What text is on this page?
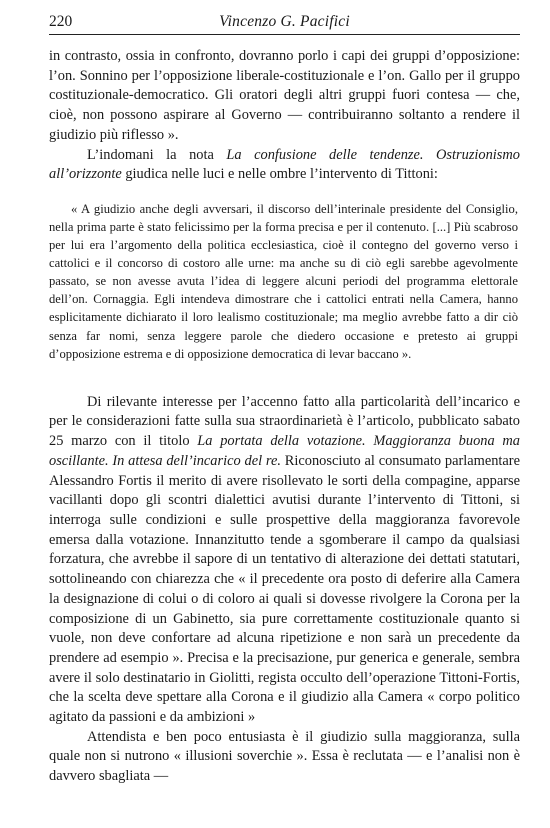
220	Vincenzo G. Pacifici

in contrasto, ossia in confronto, dovranno porlo i capi dei gruppi d’opposizione: l’on. Sonnino per l’opposizione liberale-costituzionale e l’on. Gallo per il gruppo costituzionale-democratico. Gli oratori degli altri gruppi fuori contesa — che, cioè, non possono aspirare al Governo — contribuiranno soltanto a rendere il giudizio più riflesso ».

L’indomani la nota La confusione delle tendenze. Ostruzionismo all’orizzonte giudica nelle luci e nelle ombre l’intervento di Tittoni:

« A giudizio anche degli avversari, il discorso dell’interinale presidente del Consiglio, nella prima parte è stato felicissimo per la forma precisa e per il contenuto. [...] Più scabroso per lui era l’argomento della politica ecclesiastica, cioè il contegno del governo verso i cattolici e il concorso di costoro alle urne: ma anche su di ciò egli sarebbe agevolmente passato, se non avesse avuta l’idea di leggere alcuni periodi del programma elettorale dell’on. Cornaggia. Egli intendeva dimostrare che i cattolici entrati nella Camera, hanno esplicitamente dichiarato il loro lealismo costituzionale; ma meglio avrebbe fatto a dir ciò senza far nomi, senza leggere parole che diedero occasione e pretesto ai gruppi d’opposizione estrema e di opposizione democratica di levar baccano ».

Di rilevante interesse per l’accenno fatto alla particolarità dell’incarico e per le considerazioni fatte sulla sua straordinarietà è l’articolo, pubblicato sabato 25 marzo con il titolo La portata della votazione. Maggioranza buona ma oscillante. In attesa dell’incarico del re. Riconosciuto al consumato parlamentare Alessandro Fortis il merito di avere risollevato le sorti della compagine, apparse vacillanti dopo gli scontri dialettici avutisi durante l’intervento di Tittoni, si interroga sulle condizioni e sulle prospettive della maggioranza favorevole emersa dalla votazione. Innanzitutto tende a sgomberare il campo da qualsiasi forzatura, che avrebbe il sapore di un tentativo di alterazione dei dettati statutari, sottolineando con chiarezza che « il precedente ora posto di deferire alla Camera la designazione di colui o di coloro ai quali si dovesse rivolgere la Corona per la composizione di un Gabinetto, sia pure correttamente costituzionale quanto si vuole, non deve confortare ad alcuna ripetizione e non sarà un precedente da prendere ad esempio ». Precisa e la precisazione, pur generica e generale, sembra avere il solo destinatario in Giolitti, regista occulto dell’operazione Tittoni-Fortis, che la scelta deve spettare alla Corona e il giudizio alla Camera « corpo politico agitato da passioni e da ambizioni »

Attendista e ben poco entusiasta è il giudizio sulla maggioranza, sulla quale non si nutrono « illusioni soverchie ». Essa è reclutata — e l’analisi non è davvero sbagliata —
